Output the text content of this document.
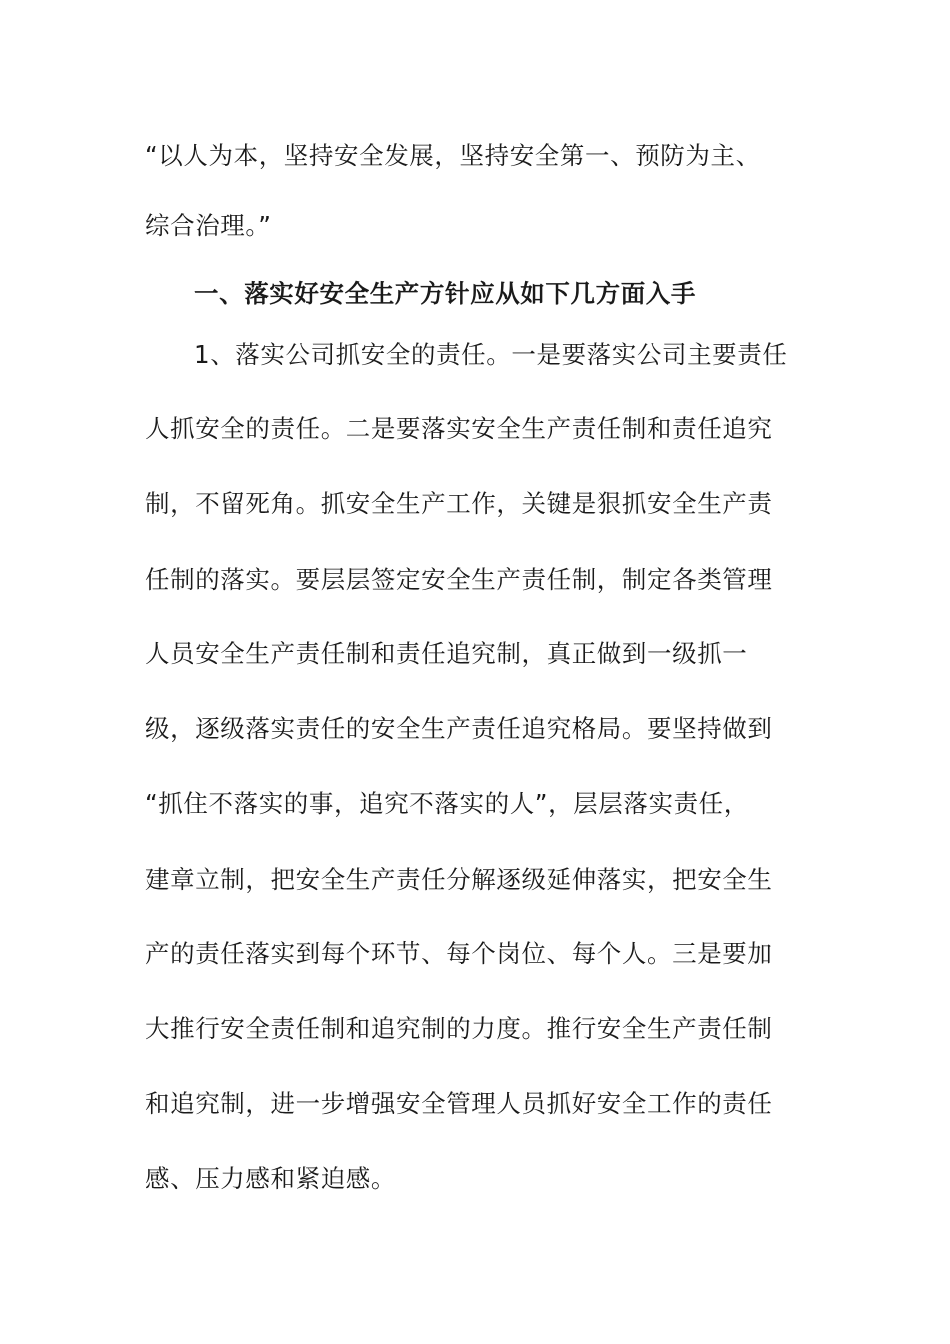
“以人为本，坚持安全发展，坚持安全第一、预防为主、
综合治理。”
一、落实好安全生产方针应从如下几方面入手
1、落实公司抓安全的责任。一是要落实公司主要责任
人抓安全的责任。二是要落实安全生产责任制和责任追究
制，不留死角。抓安全生产工作，关键是狠抓安全生产责
任制的落实。要层层签定安全生产责任制，制定各类管理
人员安全生产责任制和责任追究制，真正做到一级抓一
级，逐级落实责任的安全生产责任追究格局。要坚持做到
“抓住不落实的事，追究不落实的人”，层层落实责任，
建章立制，把安全生产责任分解逐级延伸落实，把安全生
产的责任落实到每个环节、每个岗位、每个人。三是要加
大推行安全责任制和追究制的力度。推行安全生产责任制
和追究制，进一步增强安全管理人员抓好安全工作的责任
感、压力感和紧迫感。
